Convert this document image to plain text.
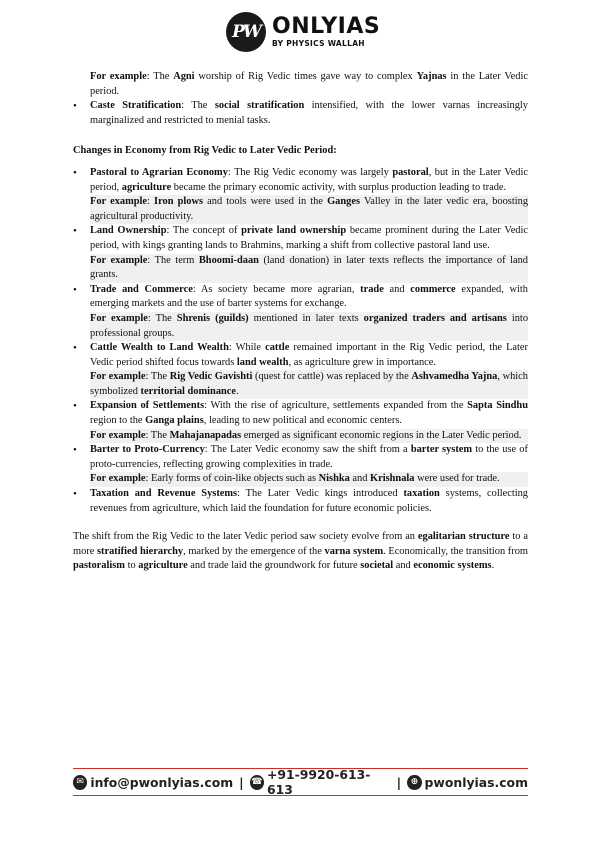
PW ONLYIAS
BY PHYSICS WALLAH

For example: The Agni worship of Rig Vedic times gave way to complex Yajnas in the Later Vedic period.

• Caste Stratification: The social stratification intensified, with the lower varnas increasingly marginalized and restricted to menial tasks.

Changes in Economy from Rig Vedic to Later Vedic Period:

• Pastoral to Agrarian Economy: The Rig Vedic economy was largely pastoral, but in the Later Vedic period, agriculture became the primary economic activity, with surplus production leading to trade.
For example: Iron plows and tools were used in the Ganges Valley in the later vedic era, boosting agricultural productivity.
• Land Ownership: The concept of private land ownership became prominent during the Later Vedic period, with kings granting lands to Brahmins, marking a shift from collective pastoral land use.
For example: The term Bhoomi-daan (land donation) in later texts reflects the importance of land grants.
• Trade and Commerce: As society became more agrarian, trade and commerce expanded, with emerging markets and the use of barter systems for exchange.
For example: The Shrenis (guilds) mentioned in later texts organized traders and artisans into professional groups.
• Cattle Wealth to Land Wealth: While cattle remained important in the Rig Vedic period, the Later Vedic period shifted focus towards land wealth, as agriculture grew in importance.
For example: The Rig Vedic Gavishti (quest for cattle) was replaced by the Ashvamedha Yajna, which symbolized territorial dominance.
• Expansion of Settlements: With the rise of agriculture, settlements expanded from the Sapta Sindhu region to the Ganga plains, leading to new political and economic centers.
For example: The Mahajanapadas emerged as significant economic regions in the Later Vedic period.
• Barter to Proto-Currency: The Later Vedic economy saw the shift from a barter system to the use of proto-currencies, reflecting growing complexities in trade.
For example: Early forms of coin-like objects such as Nishka and Krishnala were used for trade.
• Taxation and Revenue Systems: The Later Vedic kings introduced taxation systems, collecting revenues from agriculture, which laid the foundation for future economic policies.

The shift from the Rig Vedic to the later Vedic period saw society evolve from an egalitarian structure to a more stratified hierarchy, marked by the emergence of the varna system. Economically, the transition from pastoralism to agriculture and trade laid the groundwork for future societal and economic systems.

✉ info@pwonlyias.com | ☎ +91-9920-613-613	|	⊕ pwonlyias.com
